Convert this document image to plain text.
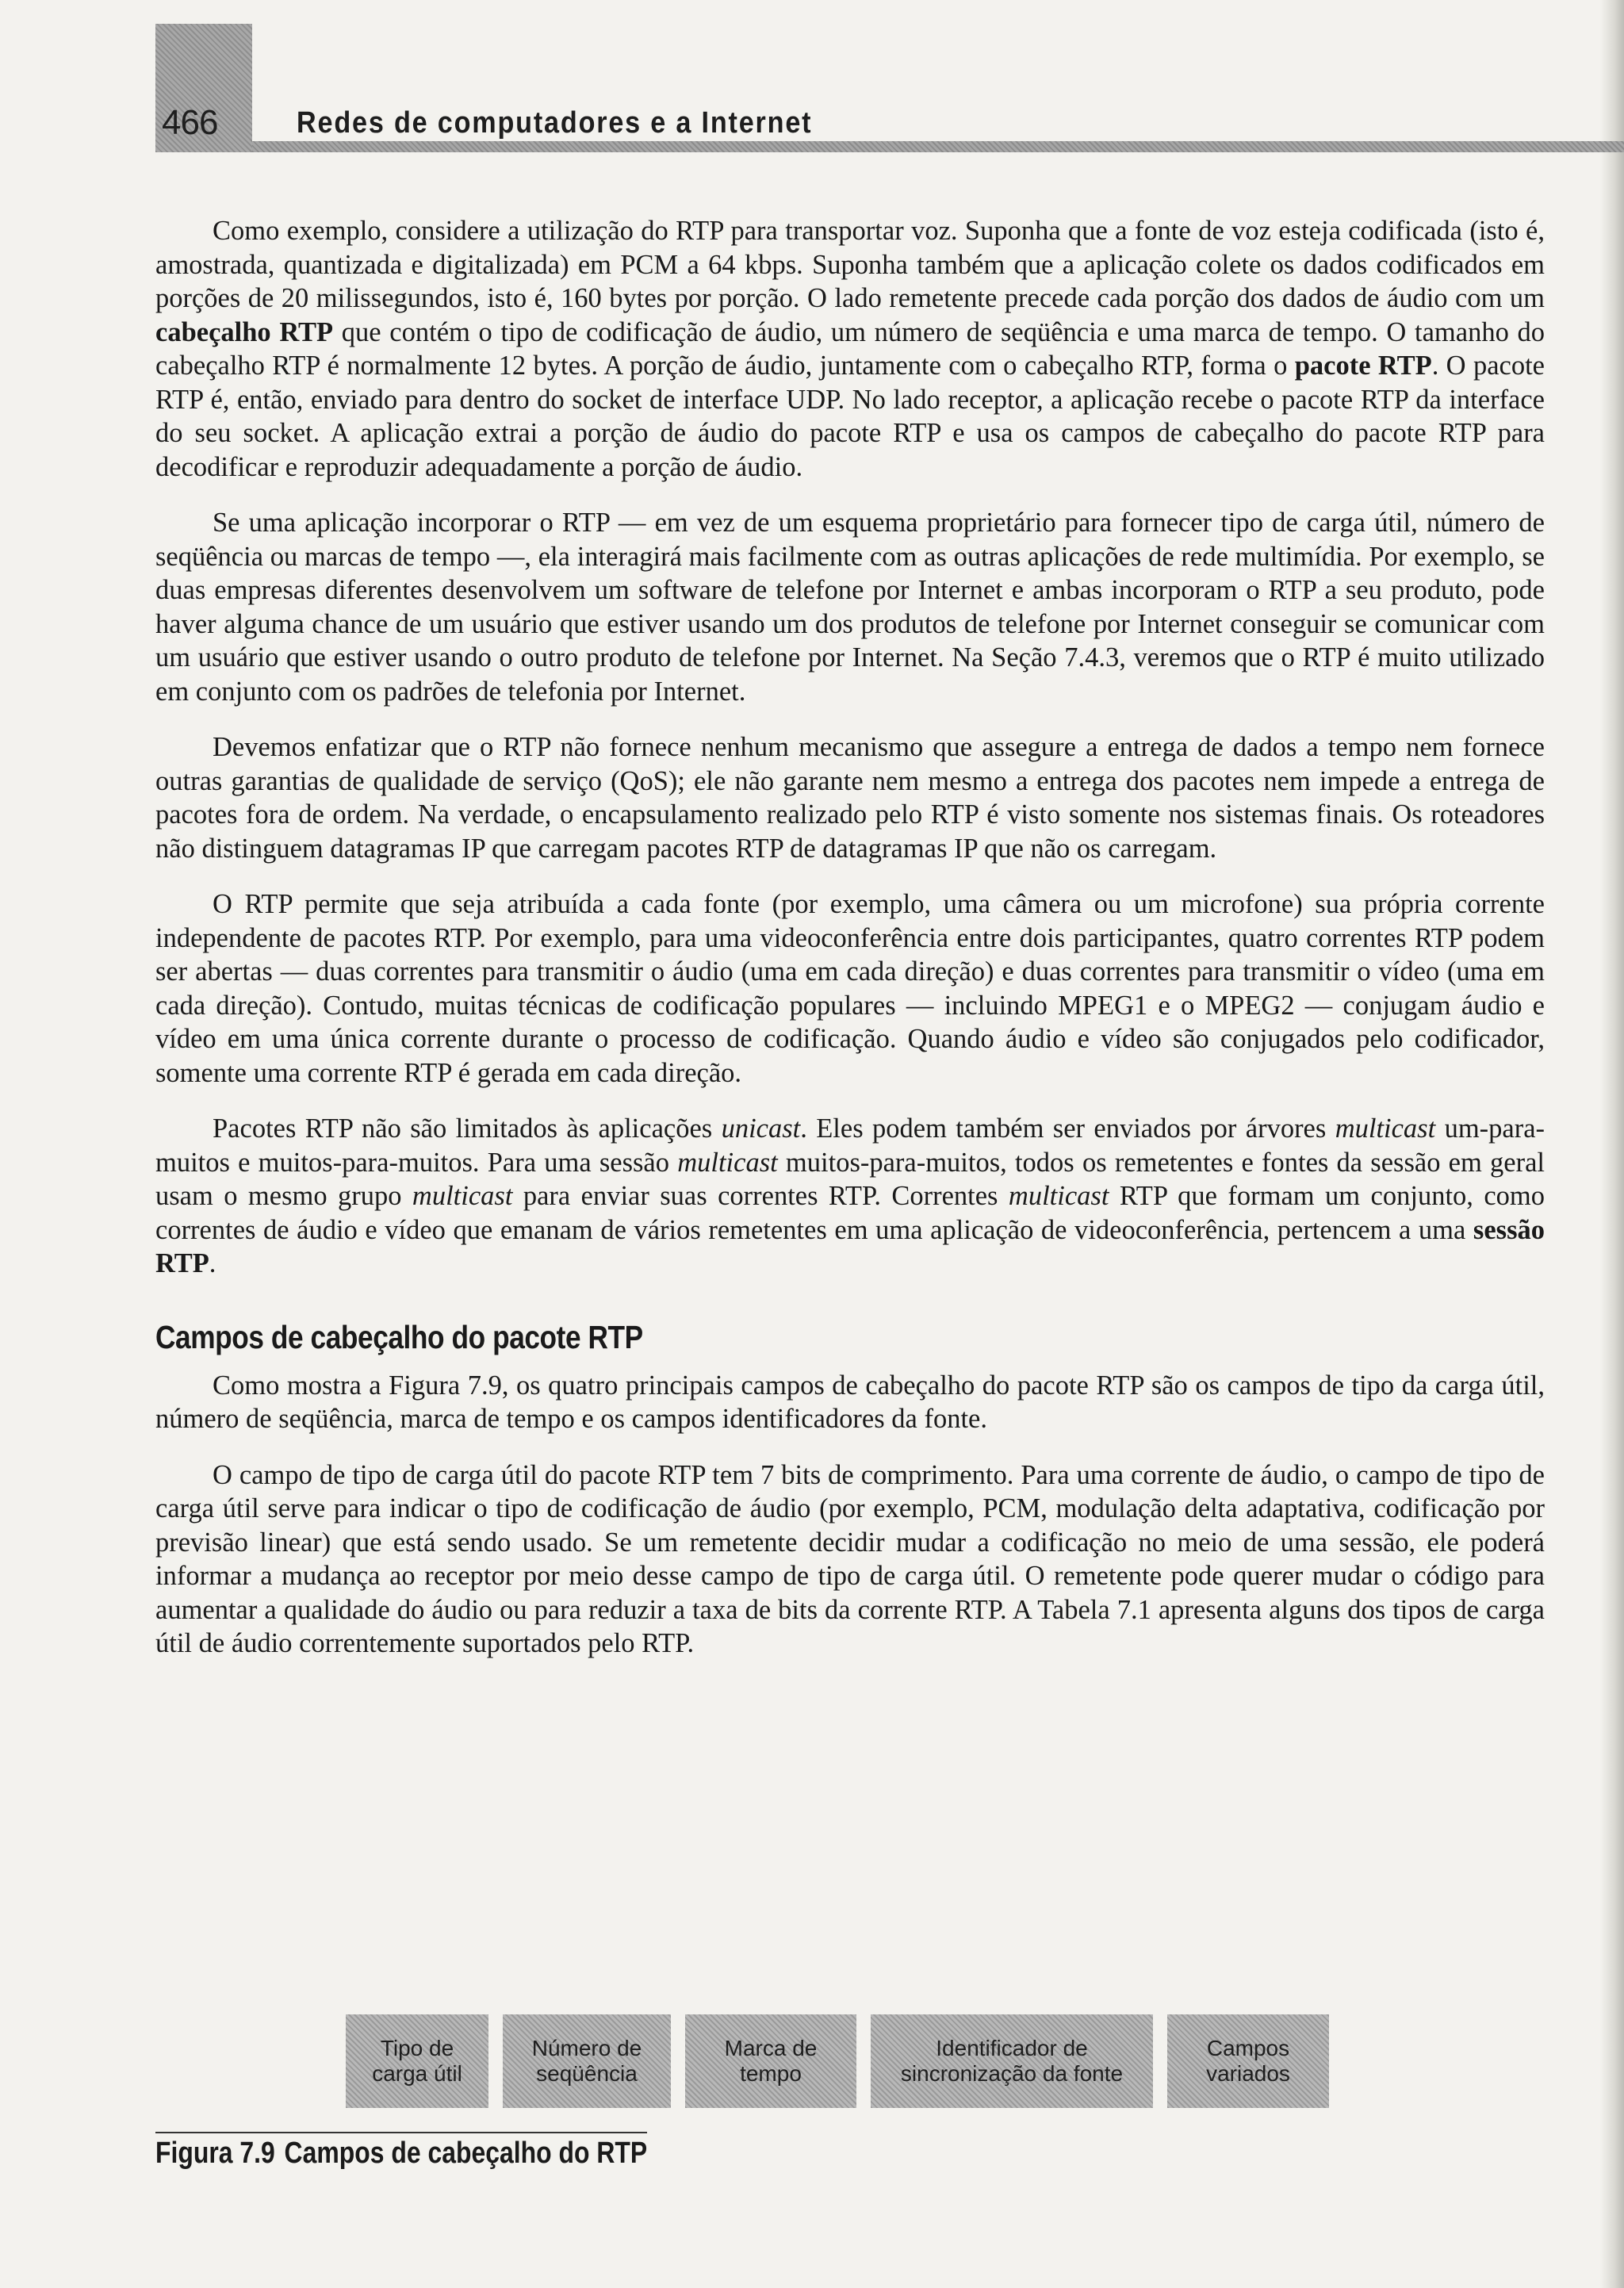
466	Redes de computadores e a Internet

Como exemplo, considere a utilização do RTP para transportar voz. Suponha que a fonte de voz esteja codificada (isto é, amostrada, quantizada e digitalizada) em PCM a 64 kbps. Suponha também que a aplicação colete os dados codificados em porções de 20 milissegundos, isto é, 160 bytes por porção. O lado remetente precede cada porção dos dados de áudio com um cabeçalho RTP que contém o tipo de codificação de áudio, um número de seqüência e uma marca de tempo. O tamanho do cabeçalho RTP é normalmente 12 bytes. A porção de áudio, juntamente com o cabeçalho RTP, forma o pacote RTP. O pacote RTP é, então, enviado para dentro do socket de interface UDP. No lado receptor, a aplicação recebe o pacote RTP da interface do seu socket. A aplicação extrai a porção de áudio do pacote RTP e usa os campos de cabeçalho do pacote RTP para decodificar e reproduzir adequadamente a porção de áudio.

Se uma aplicação incorporar o RTP — em vez de um esquema proprietário para fornecer tipo de carga útil, número de seqüência ou marcas de tempo —, ela interagirá mais facilmente com as outras aplicações de rede multimídia. Por exemplo, se duas empresas diferentes desenvolvem um software de telefone por Internet e ambas incorporam o RTP a seu produto, pode haver alguma chance de um usuário que estiver usando um dos produtos de telefone por Internet conseguir se comunicar com um usuário que estiver usando o outro produto de telefone por Internet. Na Seção 7.4.3, veremos que o RTP é muito utilizado em conjunto com os padrões de telefonia por Internet.

Devemos enfatizar que o RTP não fornece nenhum mecanismo que assegure a entrega de dados a tempo nem fornece outras garantias de qualidade de serviço (QoS); ele não garante nem mesmo a entrega dos pacotes nem impede a entrega de pacotes fora de ordem. Na verdade, o encapsulamento realizado pelo RTP é visto somente nos sistemas finais. Os roteadores não distinguem datagramas IP que carregam pacotes RTP de datagramas IP que não os carregam.

O RTP permite que seja atribuída a cada fonte (por exemplo, uma câmera ou um microfone) sua própria corrente independente de pacotes RTP. Por exemplo, para uma videoconferência entre dois participantes, quatro correntes RTP podem ser abertas — duas correntes para transmitir o áudio (uma em cada direção) e duas correntes para transmitir o vídeo (uma em cada direção). Contudo, muitas técnicas de codificação populares — incluindo MPEG1 e o MPEG2 — conjugam áudio e vídeo em uma única corrente durante o processo de codificação. Quando áudio e vídeo são conjugados pelo codificador, somente uma corrente RTP é gerada em cada direção.

Pacotes RTP não são limitados às aplicações unicast. Eles podem também ser enviados por árvores multicast um-para-muitos e muitos-para-muitos. Para uma sessão multicast muitos-para-muitos, todos os remetentes e fontes da sessão em geral usam o mesmo grupo multicast para enviar suas correntes RTP. Correntes multicast RTP que formam um conjunto, como correntes de áudio e vídeo que emanam de vários remetentes em uma aplicação de videoconferência, pertencem a uma sessão RTP.

Campos de cabeçalho do pacote RTP

Como mostra a Figura 7.9, os quatro principais campos de cabeçalho do pacote RTP são os campos de tipo da carga útil, número de seqüência, marca de tempo e os campos identificadores da fonte.

O campo de tipo de carga útil do pacote RTP tem 7 bits de comprimento. Para uma corrente de áudio, o campo de tipo de carga útil serve para indicar o tipo de codificação de áudio (por exemplo, PCM, modulação delta adaptativa, codificação por previsão linear) que está sendo usado. Se um remetente decidir mudar a codificação no meio de uma sessão, ele poderá informar a mudança ao receptor por meio desse campo de tipo de carga útil. O remetente pode querer mudar o código para aumentar a qualidade do áudio ou para reduzir a taxa de bits da corrente RTP. A Tabela 7.1 apresenta alguns dos tipos de carga útil de áudio correntemente suportados pelo RTP.

Tipo de
carga útil
Número de
seqüência
Marca de
tempo
Identificador de
sincronização da fonte
Campos
variados
Figura 7.9 Campos de cabeçalho do RTP
